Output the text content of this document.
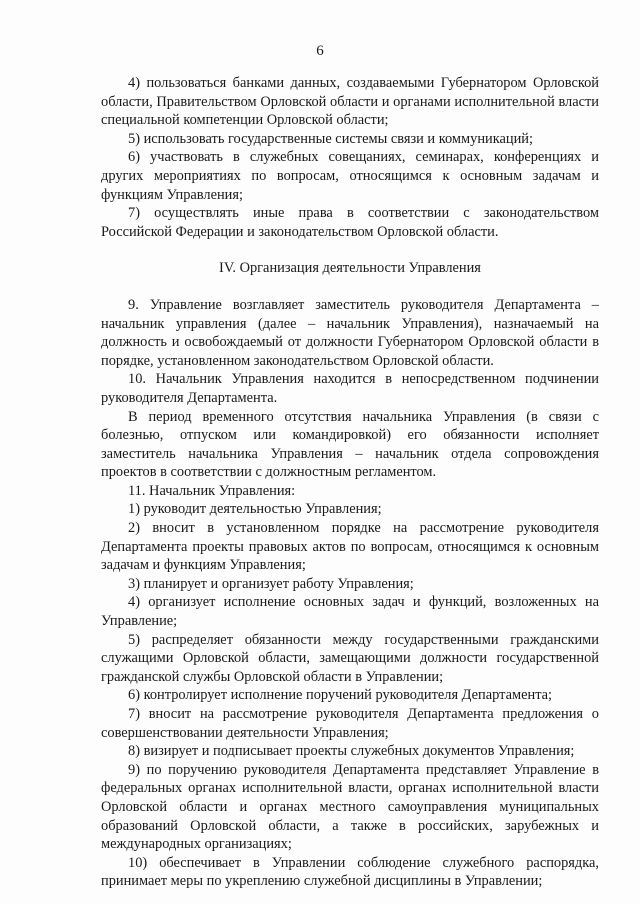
6

4) пользоваться банками данных, создаваемыми Губернатором Орловской области, Правительством Орловской области и органами исполнительной власти специальной компетенции Орловской области;

5) использовать государственные системы связи и коммуникаций;

6) участвовать в служебных совещаниях, семинарах, конференциях и других мероприятиях по вопросам, относящимся к основным задачам и функциям Управления;

7) осуществлять иные права в соответствии с законодательством Российской Федерации и законодательством Орловской области.

IV. Организация деятельности Управления

9. Управление возглавляет заместитель руководителя Департамента – начальник управления (далее – начальник Управления), назначаемый на должность и освобождаемый от должности Губернатором Орловской области в порядке, установленном законодательством Орловской области.

10. Начальник Управления находится в непосредственном подчинении руководителя Департамента.

В период временного отсутствия начальника Управления (в связи с болезнью, отпуском или командировкой) его обязанности исполняет заместитель начальника Управления – начальник отдела сопровождения проектов в соответствии с должностным регламентом.

11. Начальник Управления:

1) руководит деятельностью Управления;

2) вносит в установленном порядке на рассмотрение руководителя Департамента проекты правовых актов по вопросам, относящимся к основным задачам и функциям Управления;

3) планирует и организует работу Управления;

4) организует исполнение основных задач и функций, возложенных на Управление;

5) распределяет обязанности между государственными гражданскими служащими Орловской области, замещающими должности государственной гражданской службы Орловской области в Управлении;

6) контролирует исполнение поручений руководителя Департамента;

7) вносит на рассмотрение руководителя Департамента предложения о совершенствовании деятельности Управления;

8) визирует и подписывает проекты служебных документов Управления;

9) по поручению руководителя Департамента представляет Управление в федеральных органах исполнительной власти, органах исполнительной власти Орловской области и органах местного самоуправления муниципальных образований Орловской области, а также в российских, зарубежных и международных организациях;

10) обеспечивает в Управлении соблюдение служебного распорядка, принимает меры по укреплению служебной дисциплины в Управлении;
